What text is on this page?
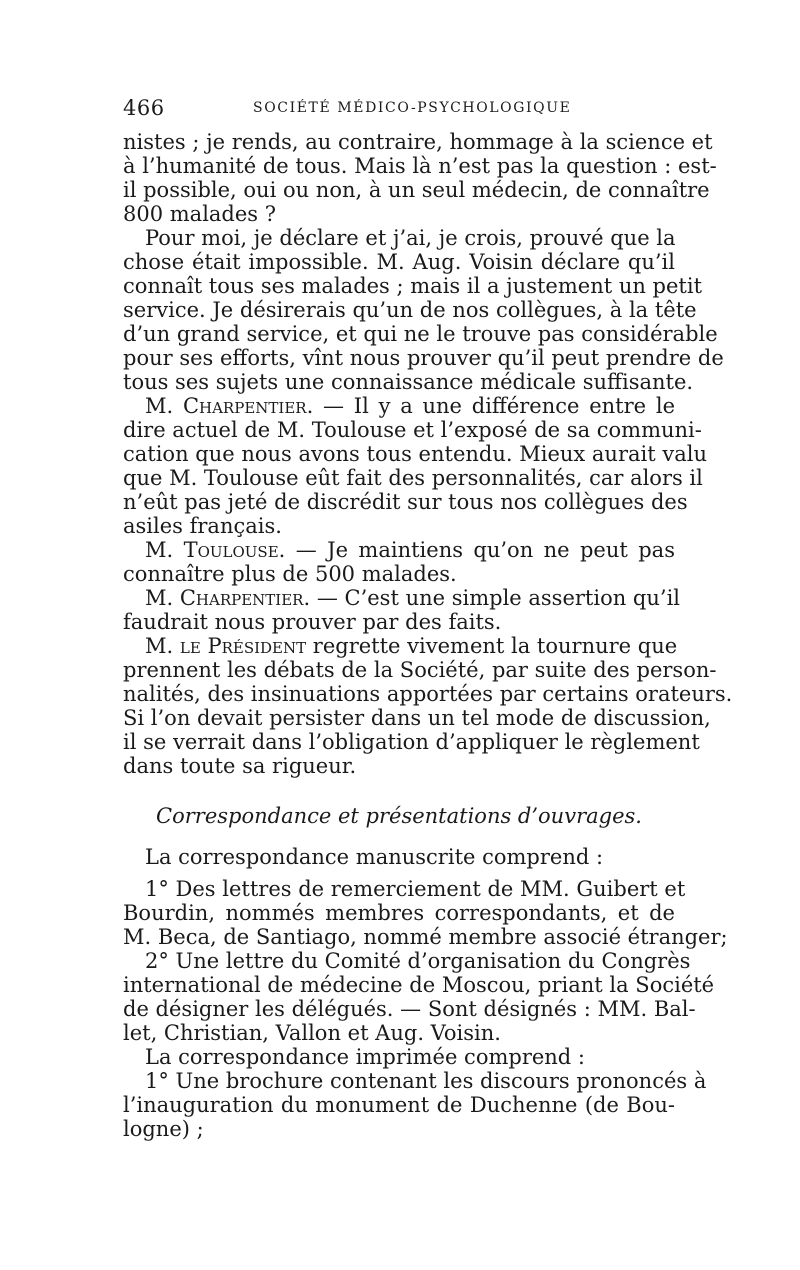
466	SOCIÉTÉ MÉDICO-PSYCHOLOGIQUE
nistes ; je rends, au contraire, hommage à la science et
à l’humanité de tous. Mais là n’est pas la question : est-
il possible, oui ou non, à un seul médecin, de connaître
800 malades ?
Pour moi, je déclare et j’ai, je crois, prouvé que la
chose était impossible. M. Aug. Voisin déclare qu’il
connaît tous ses malades ; mais il a justement un petit
service. Je désirerais qu’un de nos collègues, à la tête
d’un grand service, et qui ne le trouve pas considérable
pour ses efforts, vînt nous prouver qu’il peut prendre de
tous ses sujets une connaissance médicale suffisante.
M. Charpentier. — Il y a une différence entre le
dire actuel de M. Toulouse et l’exposé de sa communi-
cation que nous avons tous entendu. Mieux aurait valu
que M. Toulouse eût fait des personnalités, car alors il
n’eût pas jeté de discrédit sur tous nos collègues des
asiles français.
M. Toulouse. — Je maintiens qu’on ne peut pas
connaître plus de 500 malades.
M. Charpentier. — C’est une simple assertion qu’il
faudrait nous prouver par des faits.
M. le Président regrette vivement la tournure que
prennent les débats de la Société, par suite des person-
nalités, des insinuations apportées par certains orateurs.
Si l’on devait persister dans un tel mode de discussion,
il se verrait dans l’obligation d’appliquer le règlement
dans toute sa rigueur.
Correspondance et présentations d’ouvrages.
La correspondance manuscrite comprend :
1° Des lettres de remerciement de MM. Guibert et
Bourdin, nommés membres correspondants, et de
M. Beca, de Santiago, nommé membre associé étranger;
2° Une lettre du Comité d’organisation du Congrès
international de médecine de Moscou, priant la Société
de désigner les délégués. — Sont désignés : MM. Bal-
let, Christian, Vallon et Aug. Voisin.
La correspondance imprimée comprend :
1° Une brochure contenant les discours prononcés à
l’inauguration du monument de Duchenne (de Bou-
logne) ;
